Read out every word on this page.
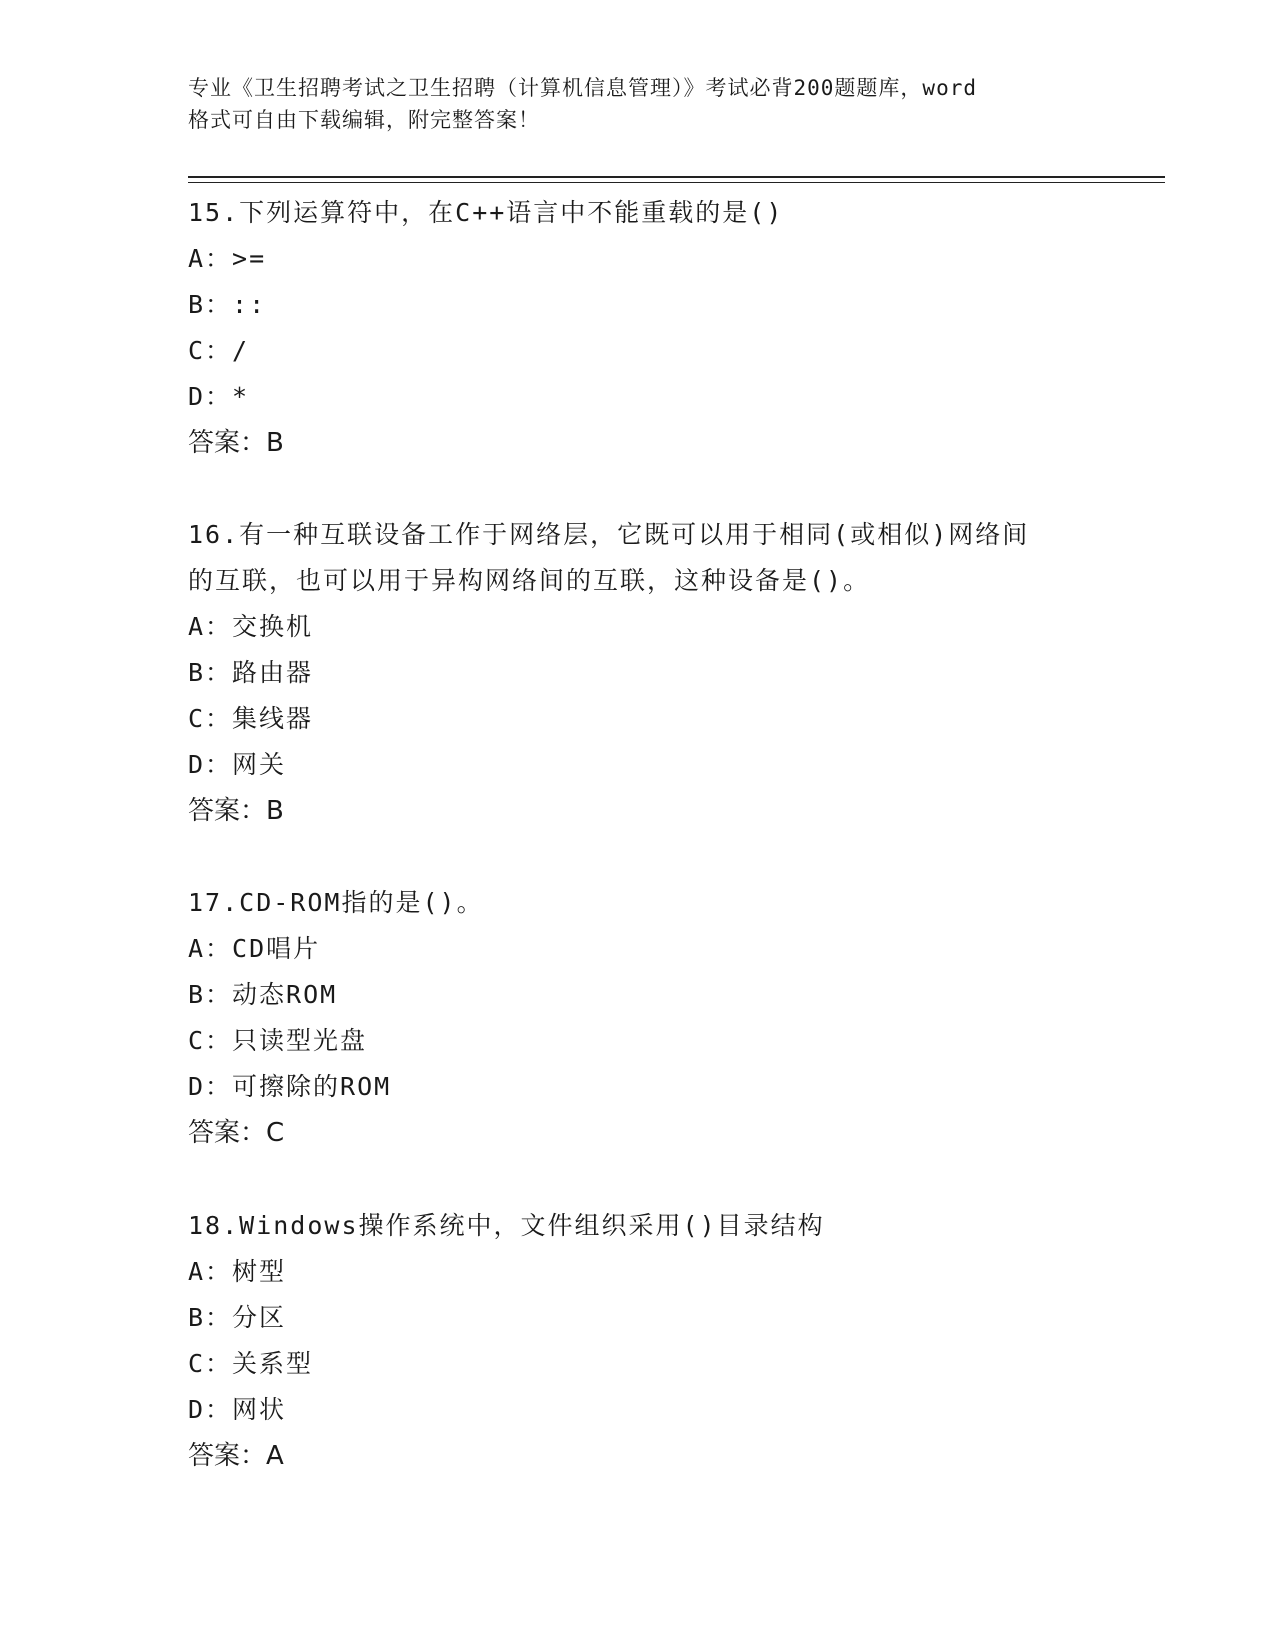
专业《卫生招聘考试之卫生招聘（计算机信息管理）》考试必背200题题库，word
格式可自由下载编辑，附完整答案！
15.下列运算符中，在C++语言中不能重载的是()
A：>=
B：::
C：/
D：*
答案：B
16.有一种互联设备工作于网络层，它既可以用于相同(或相似)网络间
的互联，也可以用于异构网络间的互联，这种设备是()。
A：交换机
B：路由器
C：集线器
D：网关
答案：B
17.CD-ROM指的是()。
A：CD唱片
B：动态ROM
C：只读型光盘
D：可擦除的ROM
答案：C
18.Windows操作系统中，文件组织采用()目录结构
A：树型
B：分区
C：关系型
D：网状
答案：A
